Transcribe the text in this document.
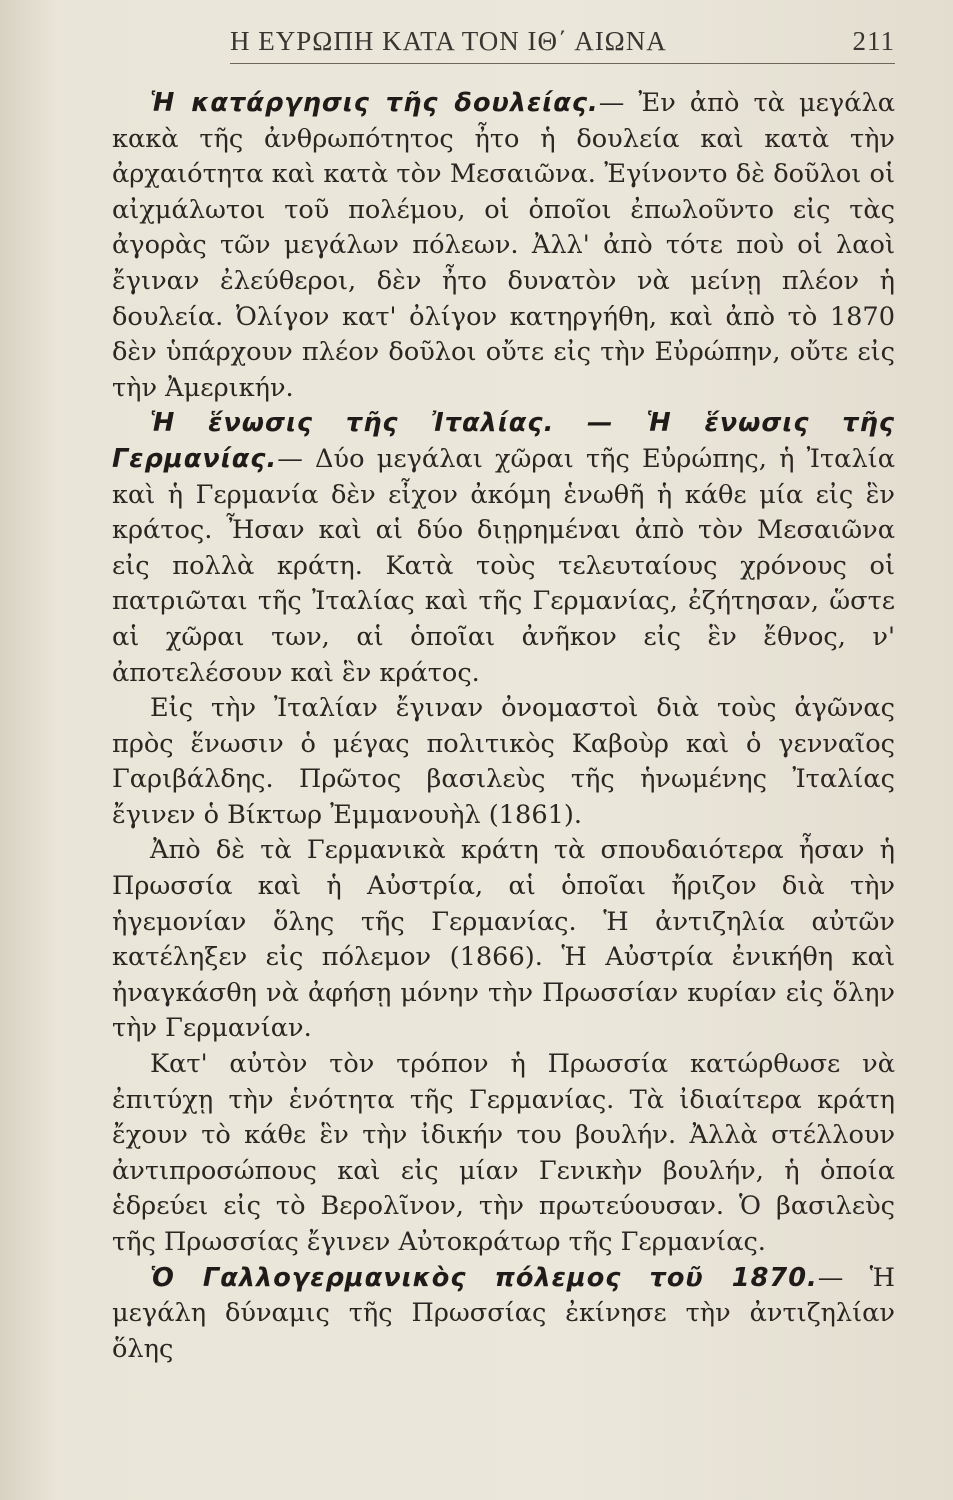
Η ΕΥΡΩΠΗ ΚΑΤΑ ΤΟΝ ΙΘ΄ ΑΙΩΝΑ	211

Ἡ κατάργησις τῆς δουλείας.— Ἐν ἀπὸ τὰ μεγάλα κακὰ τῆς ἀνθρωπότητος ἦτο ἡ δουλεία καὶ κατὰ τὴν ἀρχαιότητα καὶ κατὰ τὸν Μεσαιῶνα. Ἐγίνοντο δὲ δοῦλοι οἱ αἰχμάλωτοι τοῦ πολέμου, οἱ ὁποῖοι ἐπωλοῦντο εἰς τὰς ἀγορὰς τῶν μεγάλων πόλεων. Ἀλλ' ἀπὸ τότε ποὺ οἱ λαοὶ ἔγιναν ἐλεύθεροι, δὲν ἦτο δυνατὸν νὰ μείνῃ πλέον ἡ δουλεία. Ὀλίγον κατ' ὀλίγον κατηργήθη, καὶ ἀπὸ τὸ 1870 δὲν ὑπάρχουν πλέον δοῦλοι οὔτε εἰς τὴν Εὐρώπην, οὔτε εἰς τὴν Ἀμερικήν.

Ἡ ἕνωσις τῆς Ἰταλίας. — Ἡ ἕνωσις τῆς Γερμανίας.— Δύο μεγάλαι χῶραι τῆς Εὐρώπης, ἡ Ἰταλία καὶ ἡ Γερμανία δὲν εἶχον ἀκόμη ἑνωθῆ ἡ κάθε μία εἰς ἓν κράτος. Ἦσαν καὶ αἱ δύο διῃρημέναι ἀπὸ τὸν Μεσαιῶνα εἰς πολλὰ κράτη. Κατὰ τοὺς τελευταίους χρόνους οἱ πατριῶται τῆς Ἰταλίας καὶ τῆς Γερμανίας, ἐζήτησαν, ὥστε αἱ χῶραι των, αἱ ὁποῖαι ἀνῆκον εἰς ἓν ἔθνος, ν' ἀποτελέσουν καὶ ἓν κράτος.

Εἰς τὴν Ἰταλίαν ἔγιναν ὀνομαστοὶ διὰ τοὺς ἀγῶνας πρὸς ἕνωσιν ὁ μέγας πολιτικὸς Καβοὺρ καὶ ὁ γενναῖος Γαριβάλδης. Πρῶτος βασιλεὺς τῆς ἡνωμένης Ἰταλίας ἔγινεν ὁ Βίκτωρ Ἐμμανουὴλ (1861).

Ἀπὸ δὲ τὰ Γερμανικὰ κράτη τὰ σπουδαιότερα ἦσαν ἡ Πρωσσία καὶ ἡ Αὐστρία, αἱ ὁποῖαι ἤριζον διὰ τὴν ἡγεμονίαν ὅλης τῆς Γερμανίας. Ἡ ἀντιζηλία αὐτῶν κατέληξεν εἰς πόλεμον (1866). Ἡ Αὐστρία ἐνικήθη καὶ ἠναγκάσθη νὰ ἀφήσῃ μόνην τὴν Πρωσσίαν κυρίαν εἰς ὅλην τὴν Γερμανίαν.

Κατ' αὐτὸν τὸν τρόπον ἡ Πρωσσία κατώρθωσε νὰ ἐπιτύχῃ τὴν ἑνότητα τῆς Γερμανίας. Τὰ ἰδιαίτερα κράτη ἔχουν τὸ κάθε ἓν τὴν ἰδικήν του βουλήν. Ἀλλὰ στέλλουν ἀντιπροσώπους καὶ εἰς μίαν Γενικὴν βουλήν, ἡ ὁποία ἑδρεύει εἰς τὸ Βερολῖνον, τὴν πρωτεύουσαν. Ὁ βασιλεὺς τῆς Πρωσσίας ἔγινεν Αὐτοκράτωρ τῆς Γερμανίας.

Ὁ Γαλλογερμανικὸς πόλεμος τοῦ 1870.— Ἡ μεγάλη δύναμις τῆς Πρωσσίας ἐκίνησε τὴν ἀντιζηλίαν ὅλης
